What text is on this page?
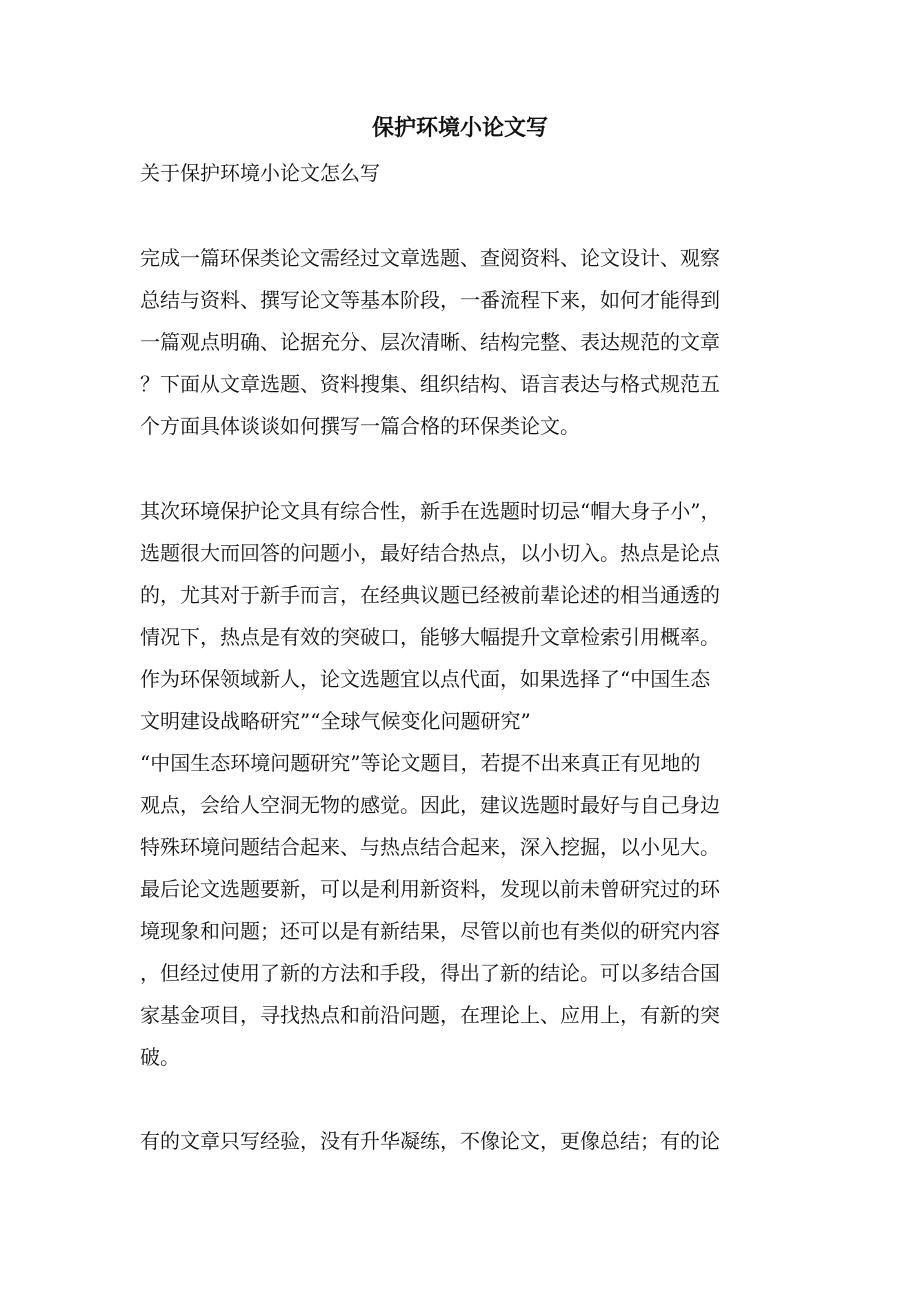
保护环境小论文写

关于保护环境小论文怎么写

完成一篇环保类论文需经过文章选题、查阅资料、论文设计、观察
总结与资料、撰写论文等基本阶段，一番流程下来，如何才能得到
一篇观点明确、论据充分、层次清晰、结构完整、表达规范的文章
？下面从文章选题、资料搜集、组织结构、语言表达与格式规范五
个方面具体谈谈如何撰写一篇合格的环保类论文。
其次环境保护论文具有综合性，新手在选题时切忌“帽大身子小”，
选题很大而回答的问题小，最好结合热点，以小切入。热点是论点
的，尤其对于新手而言，在经典议题已经被前辈论述的相当通透的
情况下，热点是有效的突破口，能够大幅提升文章检索引用概率。
作为环保领域新人，论文选题宜以点代面，如果选择了“中国生态
文明建设战略研究”“全球气候变化问题研究”
“中国生态环境问题研究”等论文题目，若提不出来真正有见地的
观点，会给人空洞无物的感觉。因此，建议选题时最好与自己身边
特殊环境问题结合起来、与热点结合起来，深入挖掘，以小见大。
最后论文选题要新，可以是利用新资料，发现以前未曾研究过的环
境现象和问题；还可以是有新结果，尽管以前也有类似的研究内容
，但经过使用了新的方法和手段，得出了新的结论。可以多结合国
家基金项目，寻找热点和前沿问题，在理论上、应用上，有新的突
破。
有的文章只写经验，没有升华凝练，不像论文，更像总结；有的论
